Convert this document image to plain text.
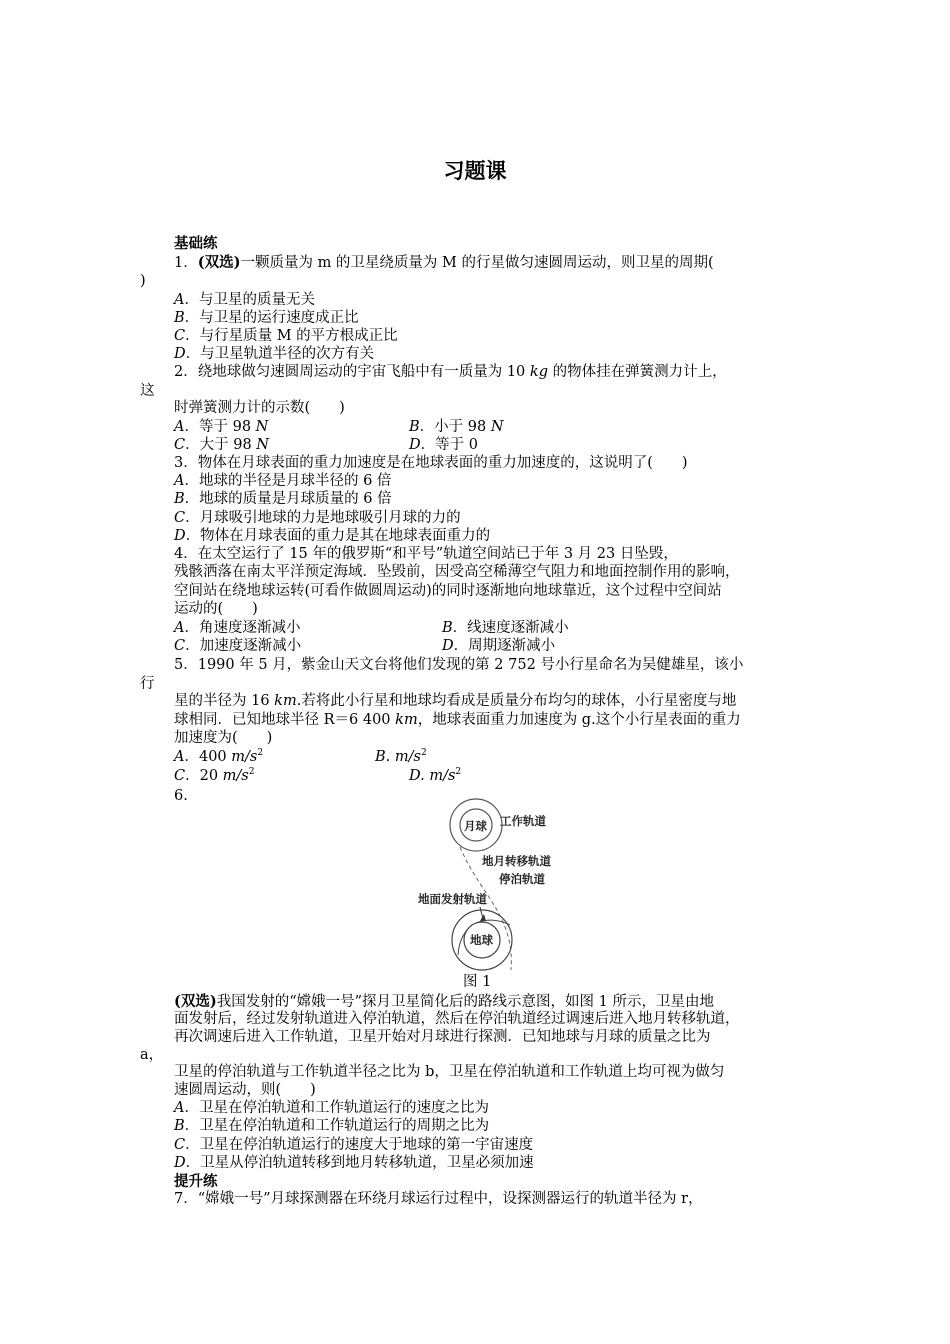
习题课
基础练
1．(双选)一颗质量为 m 的卫星绕质量为 M 的行星做匀速圆周运动，则卫星的周期(
)
A．与卫星的质量无关
B．与卫星的运行速度成正比
C．与行星质量 M 的平方根成正比
D．与卫星轨道半径的次方有关
2．绕地球做匀速圆周运动的宇宙飞船中有一质量为 10 kg 的物体挂在弹簧测力计上，
这
时弹簧测力计的示数(　　)
A．等于 98 N	B．小于 98 N
C．大于 98 N	D．等于 0
3．物体在月球表面的重力加速度是在地球表面的重力加速度的，这说明了(　　)
A．地球的半径是月球半径的 6 倍
B．地球的质量是月球质量的 6 倍
C．月球吸引地球的力是地球吸引月球的力的
D．物体在月球表面的重力是其在地球表面重力的
4．在太空运行了 15 年的俄罗斯“和平号”轨道空间站已于年 3 月 23 日坠毁，
残骸洒落在南太平洋预定海域．坠毁前，因受高空稀薄空气阻力和地面控制作用的影响，
空间站在绕地球运转(可看作做圆周运动)的同时逐渐地向地球靠近，这个过程中空间站
运动的(　　)
A．角速度逐渐减小	B．线速度逐渐减小
C．加速度逐渐减小	D．周期逐渐减小
5．1990 年 5 月，紫金山天文台将他们发现的第 2 752 号小行星命名为吴健雄星，该小
行
星的半径为 16 km.若将此小行星和地球均看成是质量分布均匀的球体，小行星密度与地
球相同．已知地球半径 R＝6 400 km，地球表面重力加速度为 g.这个小行星表面的重力
加速度为(　　)
A．400 $m/s^2$	B. $m/s^2$
C．20 $m/s^2$	D. $m/s^2$
6.
月球 工作轨道
地月转移轨道
停泊轨道
地面发射轨道
地球
图 1
(双选)我国发射的“嫦娥一号”探月卫星简化后的路线示意图，如图 1 所示，卫星由地
面发射后，经过发射轨道进入停泊轨道，然后在停泊轨道经过调速后进入地月转移轨道，
再次调速后进入工作轨道，卫星开始对月球进行探测．已知地球与月球的质量之比为
a，
卫星的停泊轨道与工作轨道半径之比为 b，卫星在停泊轨道和工作轨道上均可视为做匀
速圆周运动，则(　　)
A．卫星在停泊轨道和工作轨道运行的速度之比为
B．卫星在停泊轨道和工作轨道运行的周期之比为
C．卫星在停泊轨道运行的速度大于地球的第一宇宙速度
D．卫星从停泊轨道转移到地月转移轨道，卫星必须加速
提升练
7．“嫦娥一号”月球探测器在环绕月球运行过程中，设探测器运行的轨道半径为 r，
